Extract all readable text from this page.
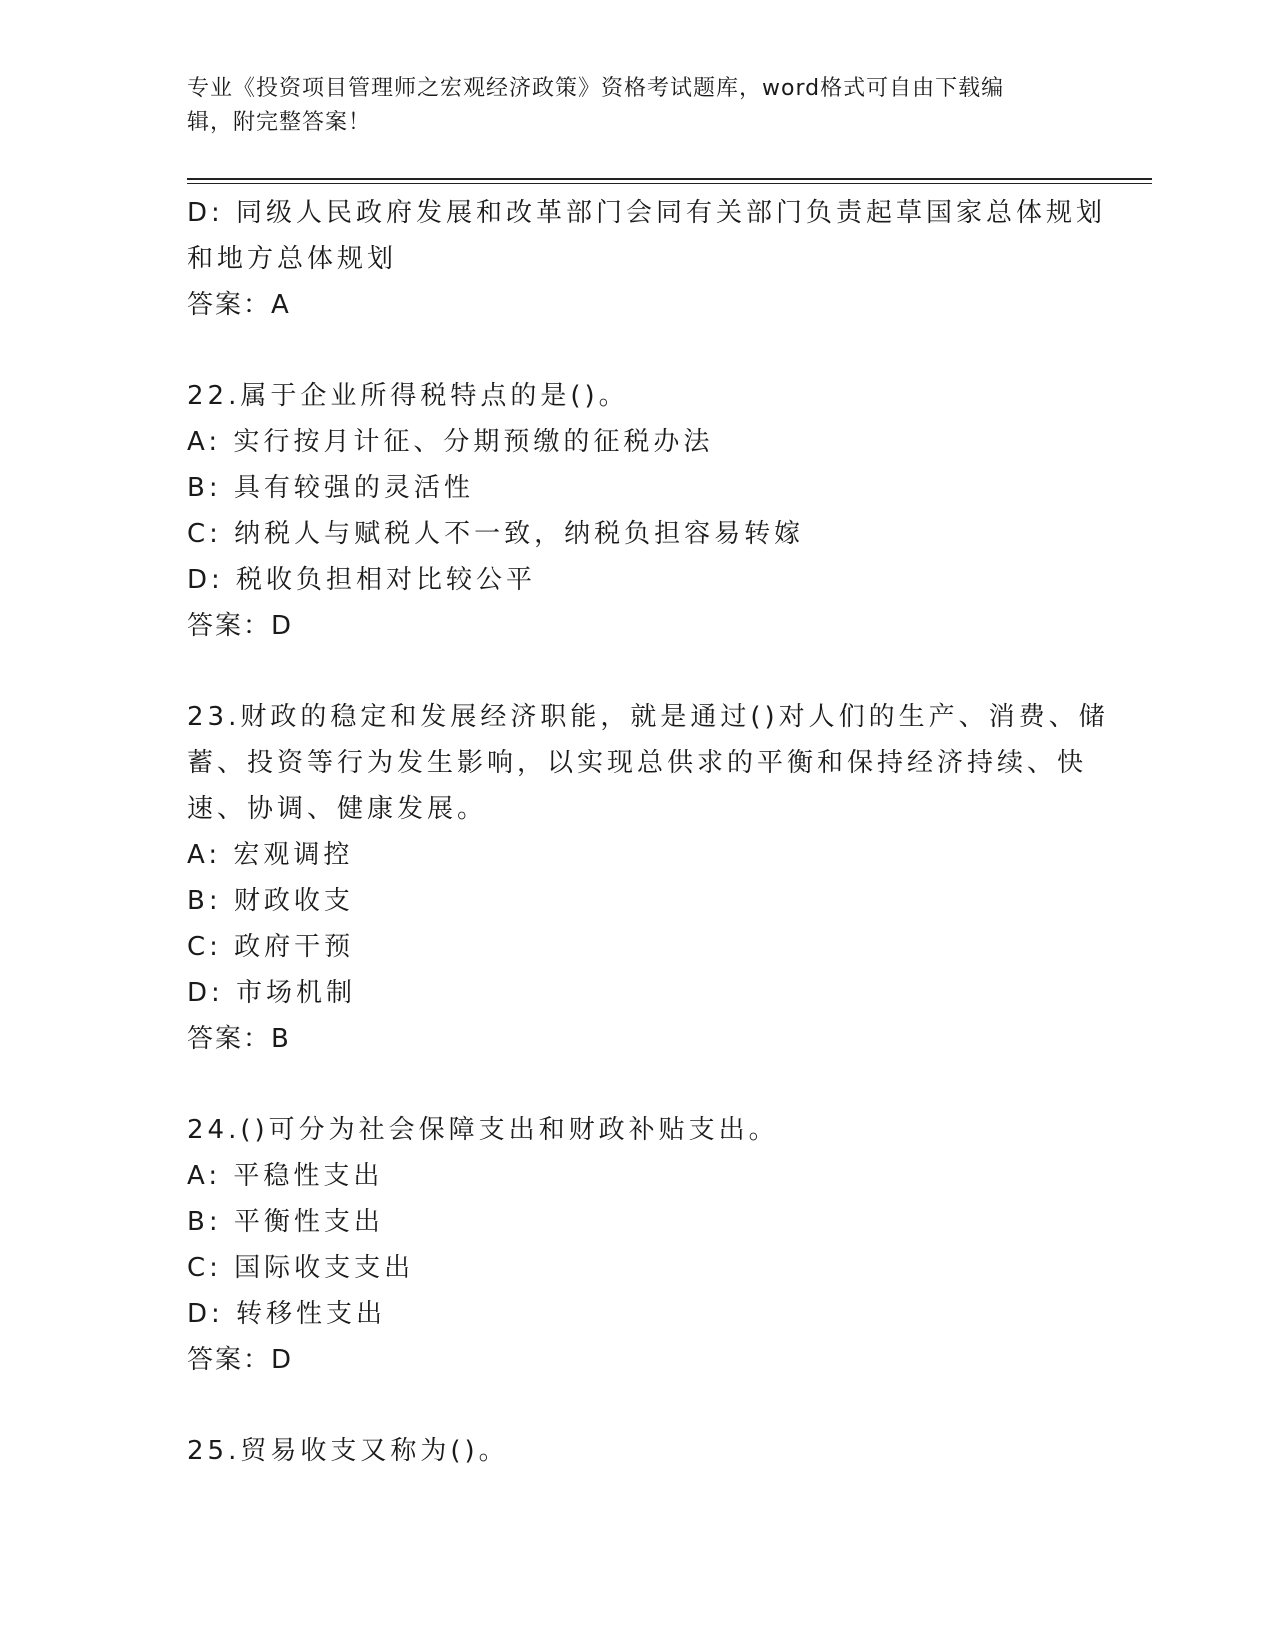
专业《投资项目管理师之宏观经济政策》资格考试题库，word格式可自由下载编
辑，附完整答案！
D: 同级人民政府发展和改革部门会同有关部门负责起草国家总体规划
和地方总体规划
答案：A
22.属于企业所得税特点的是()。
A: 实行按月计征、分期预缴的征税办法
B: 具有较强的灵活性
C: 纳税人与赋税人不一致，纳税负担容易转嫁
D: 税收负担相对比较公平
答案：D
23.财政的稳定和发展经济职能，就是通过()对人们的生产、消费、储
蓄、投资等行为发生影响，以实现总供求的平衡和保持经济持续、快
速、协调、健康发展。
A: 宏观调控
B: 财政收支
C: 政府干预
D: 市场机制
答案：B
24.()可分为社会保障支出和财政补贴支出。
A: 平稳性支出
B: 平衡性支出
C: 国际收支支出
D: 转移性支出
答案：D
25.贸易收支又称为()。
